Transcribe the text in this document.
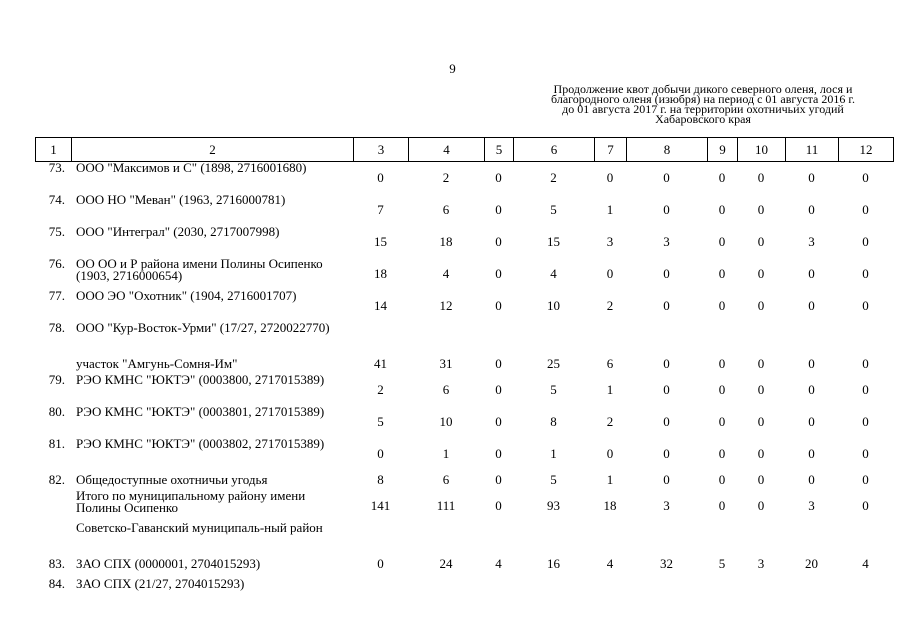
9
Продолжение квот добычи дикого северного оленя, лося и
благородного оленя (изюбря) на период с 01 августа 2016 г.
до 01 августа 2017 г. на территории охотничьих угодий
Хабаровского края
1	2	3	4	5	6	7	8	9	10	11	12
73.	ООО "Максимов и С" (1898, 2716001680)	0	2	0	2	0	0	0	0	0	0
74.	ООО НО "Меван" (1963, 2716000781)	7	6	0	5	1	0	0	0	0	0
75.	ООО "Интеграл" (2030, 2717007998)	15	18	0	15	3	3	0	0	3	0
76.	ОО ОО и Р района имени Полины Осипенко (1903, 2716000654)	18	4	0	4	0	0	0	0	0	0
77.	ООО ЭО "Охотник" (1904, 2716001707)	14	12	0	10	2	0	0	0	0	0
78.	ООО "Кур-Восток-Урми" (17/27, 2720022770)										
	участок "Амгунь-Сомня-Им"	41	31	0	25	6	0	0	0	0	0
79.	РЭО КМНС "ЮКТЭ" (0003800, 2717015389)	2	6	0	5	1	0	0	0	0	0
80.	РЭО КМНС "ЮКТЭ" (0003801, 2717015389)	5	10	0	8	2	0	0	0	0	0
81.	РЭО КМНС "ЮКТЭ" (0003802, 2717015389)	0	1	0	1	0	0	0	0	0	0
82.	Общедоступные охотничьи угодья	8	6	0	5	1	0	0	0	0	0
	Итого по муниципальному району имени Полины Осипенко	141	111	0	93	18	3	0	0	3	0
	Советско-Гаванский муниципаль-ный район										
83.	ЗАО СПХ (0000001, 2704015293)	0	24	4	16	4	32	5	3	20	4
84.	ЗАО СПХ (21/27, 2704015293)										
